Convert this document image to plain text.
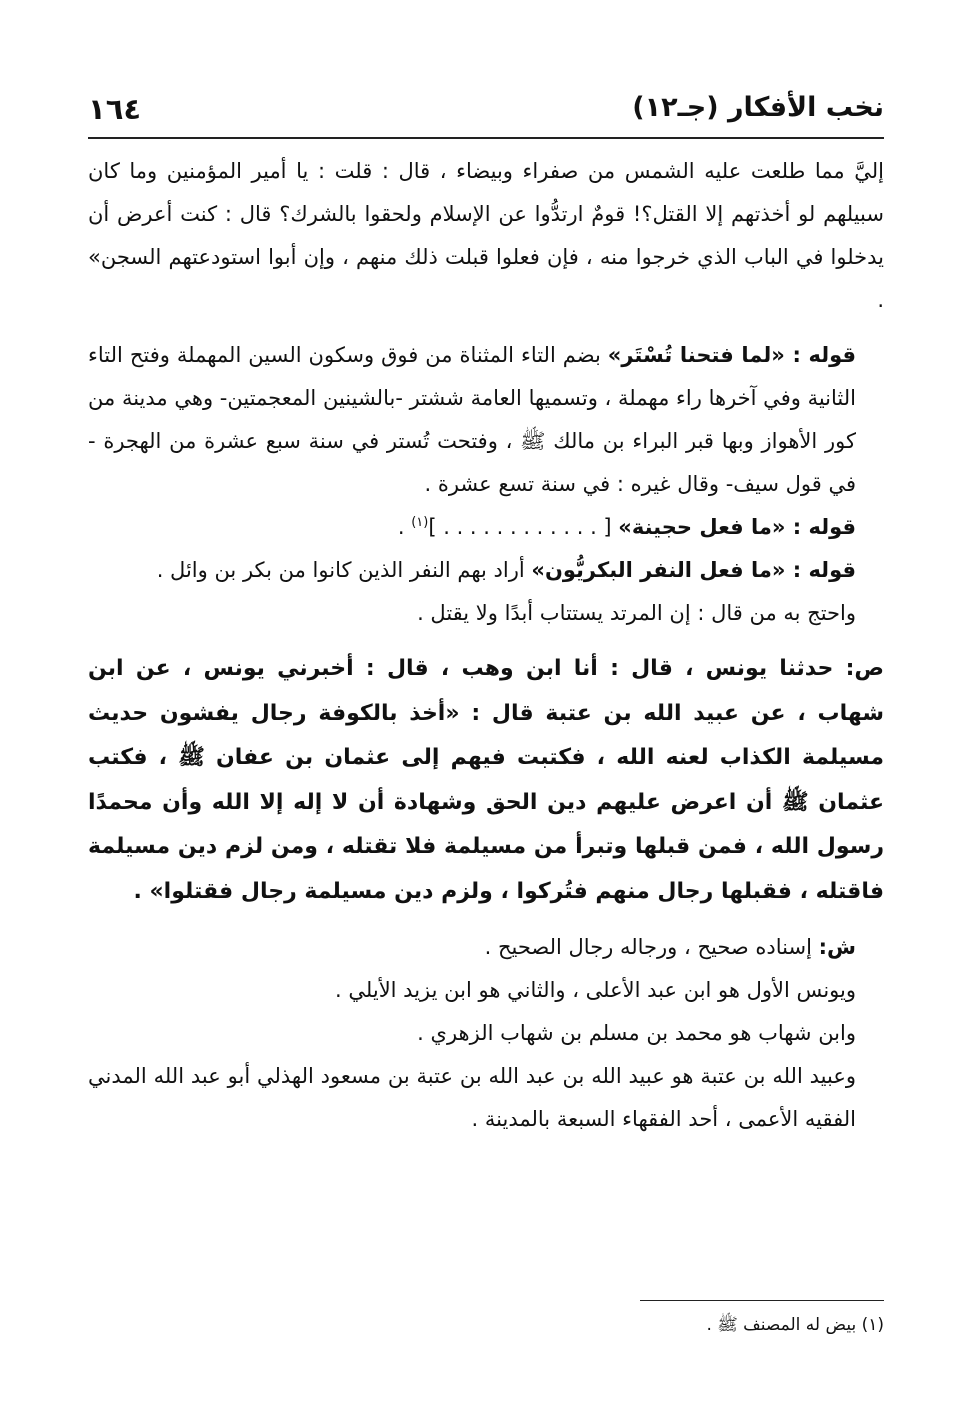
نخب الأفكار (جـ١٢)
١٦٤

إليَّ مما طلعت عليه الشمس من صفراء وبيضاء ، قال : قلت : يا أمير المؤمنين وما كان سبيلهم لو أخذتهم إلا القتل؟! قومٌ ارتدُّوا عن الإسلام ولحقوا بالشرك؟ قال : كنت أعرض أن يدخلوا في الباب الذي خرجوا منه ، فإن فعلوا قبلت ذلك منهم ، وإن أبوا استودعتهم السجن» .

قوله : «لما فتحنا تُسْتَر» بضم التاء المثناة من فوق وسكون السين المهملة وفتح التاء الثانية وفي آخرها راء مهملة ، وتسميها العامة ششتر -بالشينين المعجمتين- وهي مدينة من كور الأهواز وبها قبر البراء بن مالك ﷺ ، وفتحت تُستر في سنة سبع عشرة من الهجرة - في قول سيف- وقال غيره : في سنة تسع عشرة .

قوله : «ما فعل حجينة» [ . . . . . . . . . . . . ]$^{(١)}$ .

قوله : «ما فعل النفر البكريُّون» أراد بهم النفر الذين كانوا من بكر بن وائل .

واحتج به من قال : إن المرتد يستتاب أبدًا ولا يقتل .

ص: حدثنا يونس ، قال : أنا ابن وهب ، قال : أخبرني يونس ، عن ابن شهاب ، عن عبيد الله بن عتبة قال : «أخذ بالكوفة رجال يفشون حديث مسيلمة الكذاب لعنه الله ، فكتبت فيهم إلى عثمان بن عفان ﷺ ، فكتب عثمان ﷺ أن اعرض عليهم دين الحق وشهادة أن لا إله إلا الله وأن محمدًا رسول الله ، فمن قبلها وتبرأ من مسيلمة فلا تقتله ، ومن لزم دين مسيلمة فاقتله ، فقبلها رجال منهم فتُركوا ، ولزم دين مسيلمة رجال فقتلوا» .

ش: إسناده صحيح ، ورجاله رجال الصحيح .

ويونس الأول هو ابن عبد الأعلى ، والثاني هو ابن يزيد الأيلي .

وابن شهاب هو محمد بن مسلم بن شهاب الزهري .

وعبيد الله بن عتبة هو عبيد الله بن عبد الله بن عتبة بن مسعود الهذلي أبو عبد الله المدني الفقيه الأعمى ، أحد الفقهاء السبعة بالمدينة .

(١) بيض له المصنف ﷺ .
